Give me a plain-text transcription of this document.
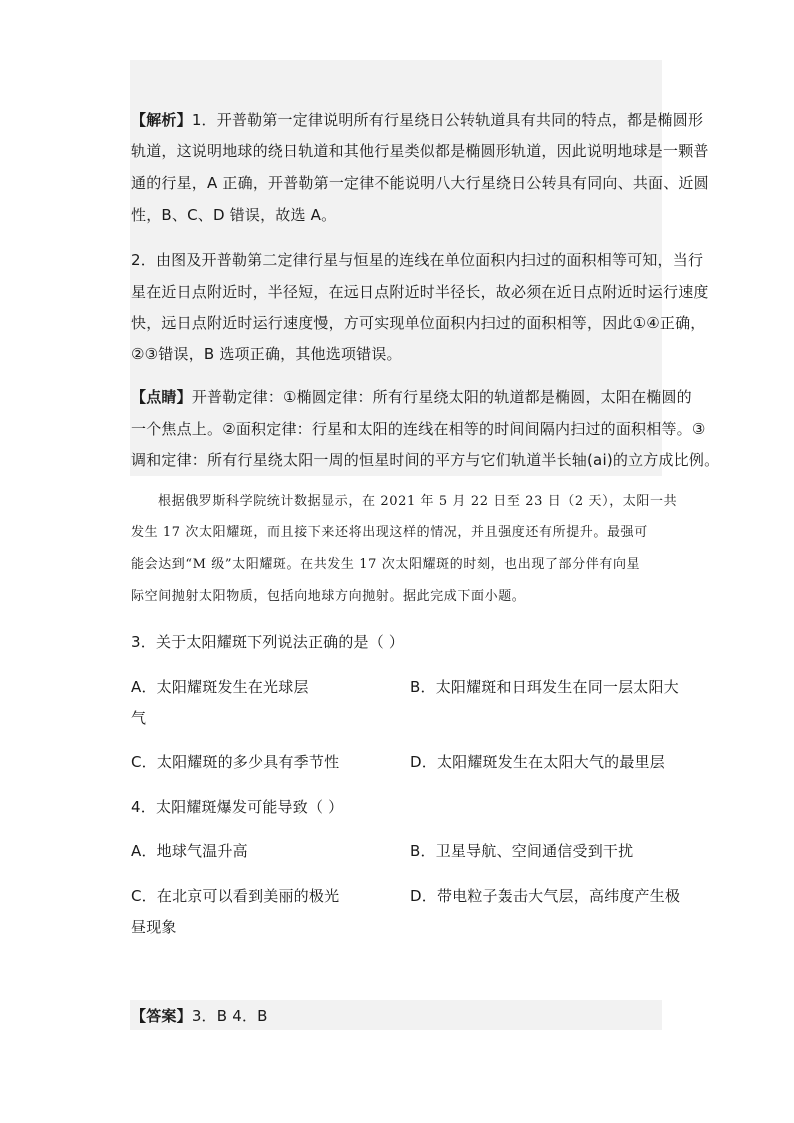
【解析】1．开普勒第一定律说明所有行星绕日公转轨道具有共同的特点，都是椭圆形
轨道，这说明地球的绕日轨道和其他行星类似都是椭圆形轨道，因此说明地球是一颗普
通的行星，A 正确，开普勒第一定律不能说明八大行星绕日公转具有同向、共面、近圆
性，B、C、D 错误，故选 A。
2．由图及开普勒第二定律行星与恒星的连线在单位面积内扫过的面积相等可知，当行
星在近日点附近时，半径短，在远日点附近时半径长，故必须在近日点附近时运行速度
快，远日点附近时运行速度慢，方可实现单位面积内扫过的面积相等，因此①④正确，
②③错误，B 选项正确，其他选项错误。
【点睛】开普勒定律：①椭圆定律：所有行星绕太阳的轨道都是椭圆，太阳在椭圆的
一个焦点上。②面积定律：行星和太阳的连线在相等的时间间隔内扫过的面积相等。③
调和定律：所有行星绕太阳一周的恒星时间的平方与它们轨道半长轴(ai)的立方成比例。
根据俄罗斯科学院统计数据显示，在 2021 年 5 月 22 日至 23 日（2 天），太阳一共
发生 17 次太阳耀斑，而且接下来还将出现这样的情况，并且强度还有所提升。最强可
能会达到“M 级”太阳耀斑。在共发生 17 次太阳耀斑的时刻，也出现了部分伴有向星
际空间抛射太阳物质，包括向地球方向抛射。据此完成下面小题。
3．关于太阳耀斑下列说法正确的是（ ）
A．太阳耀斑发生在光球层	B．太阳耀斑和日珥发生在同一层太阳大
气
C．太阳耀斑的多少具有季节性	D．太阳耀斑发生在太阳大气的最里层
4．太阳耀斑爆发可能导致（ ）
A．地球气温升高	B．卫星导航、空间通信受到干扰
C．在北京可以看到美丽的极光	D．带电粒子轰击大气层，高纬度产生极
昼现象
【答案】3．B 4．B
